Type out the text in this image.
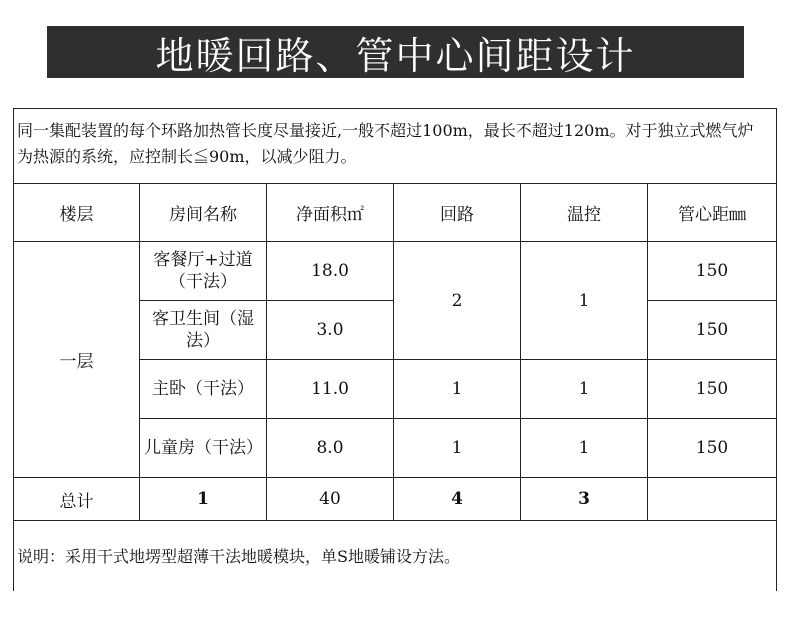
地暖回路、管中心间距设计
同一集配装置的每个环路加热管长度尽量接近,一般不超过100m，最长不超过120m。对于独立式燃气炉为热源的系统，应控制长≦90m，以减少阻力。
楼层	房间名称	净面积㎡	回路	温控	管心距㎜
一层	客餐厅+过道（干法）	18.0	2	1	150
	客卫生间（湿法）	3.0			150
	主卧（干法）	11.0	1	1	150
	儿童房（干法）	8.0	1	1	150
总计	1	40	4	3	
说明：采用干式地塄型超薄干法地暖模块，单S地暖铺设方法。
